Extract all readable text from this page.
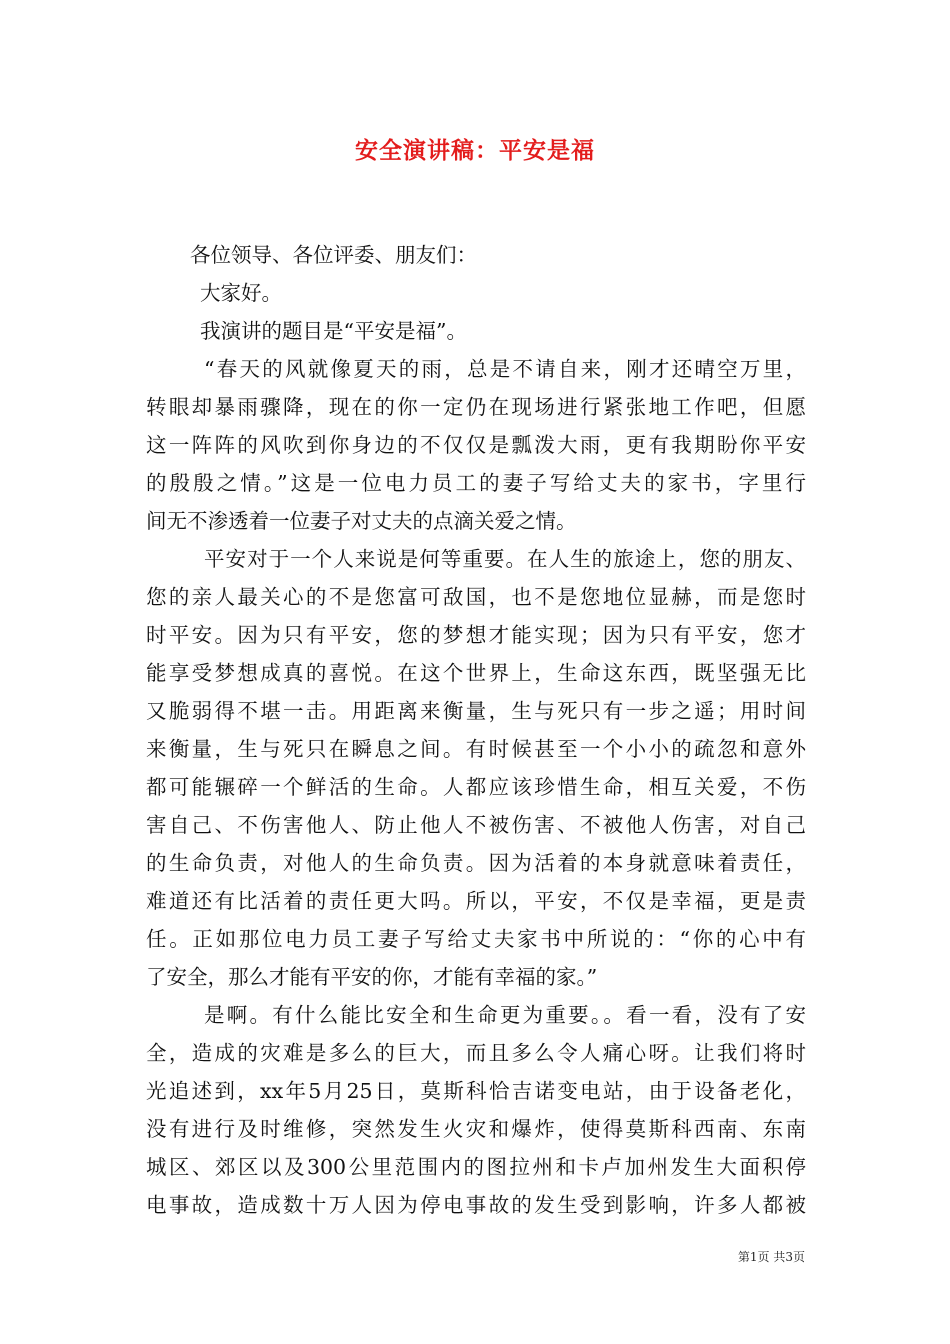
安全演讲稿：平安是福
各位领导、各位评委、朋友们：
大家好。
我演讲的题目是“平安是福”。
“春天的风就像夏天的雨，总是不请自来，刚才还晴空万里，
转眼却暴雨骤降，现在的你一定仍在现场进行紧张地工作吧，但愿
这一阵阵的风吹到你身边的不仅仅是瓢泼大雨，更有我期盼你平安
的殷殷之情。”这是一位电力员工的妻子写给丈夫的家书，字里行
间无不渗透着一位妻子对丈夫的点滴关爱之情。
平安对于一个人来说是何等重要。在人生的旅途上，您的朋友、
您的亲人最关心的不是您富可敌国，也不是您地位显赫，而是您时
时平安。因为只有平安，您的梦想才能实现；因为只有平安，您才
能享受梦想成真的喜悦。在这个世界上，生命这东西，既坚强无比
又脆弱得不堪一击。用距离来衡量，生与死只有一步之遥；用时间
来衡量，生与死只在瞬息之间。有时候甚至一个小小的疏忽和意外
都可能辗碎一个鲜活的生命。人都应该珍惜生命，相互关爱，不伤
害自己、不伤害他人、防止他人不被伤害、不被他人伤害，对自己
的生命负责，对他人的生命负责。因为活着的本身就意味着责任，
难道还有比活着的责任更大吗。所以，平安，不仅是幸福，更是责
任。正如那位电力员工妻子写给丈夫家书中所说的：“你的心中有
了安全，那么才能有平安的你，才能有幸福的家。”
是啊。有什么能比安全和生命更为重要。。看一看，没有了安
全，造成的灾难是多么的巨大，而且多么令人痛心呀。让我们将时
光追述到，xx年5月25日，莫斯科恰吉诺变电站，由于设备老化，
没有进行及时维修，突然发生火灾和爆炸，使得莫斯科西南、东南
城区、郊区以及300公里范围内的图拉州和卡卢加州发生大面积停
电事故，造成数十万人因为停电事故的发生受到影响，许多人都被
第1页 共3页
